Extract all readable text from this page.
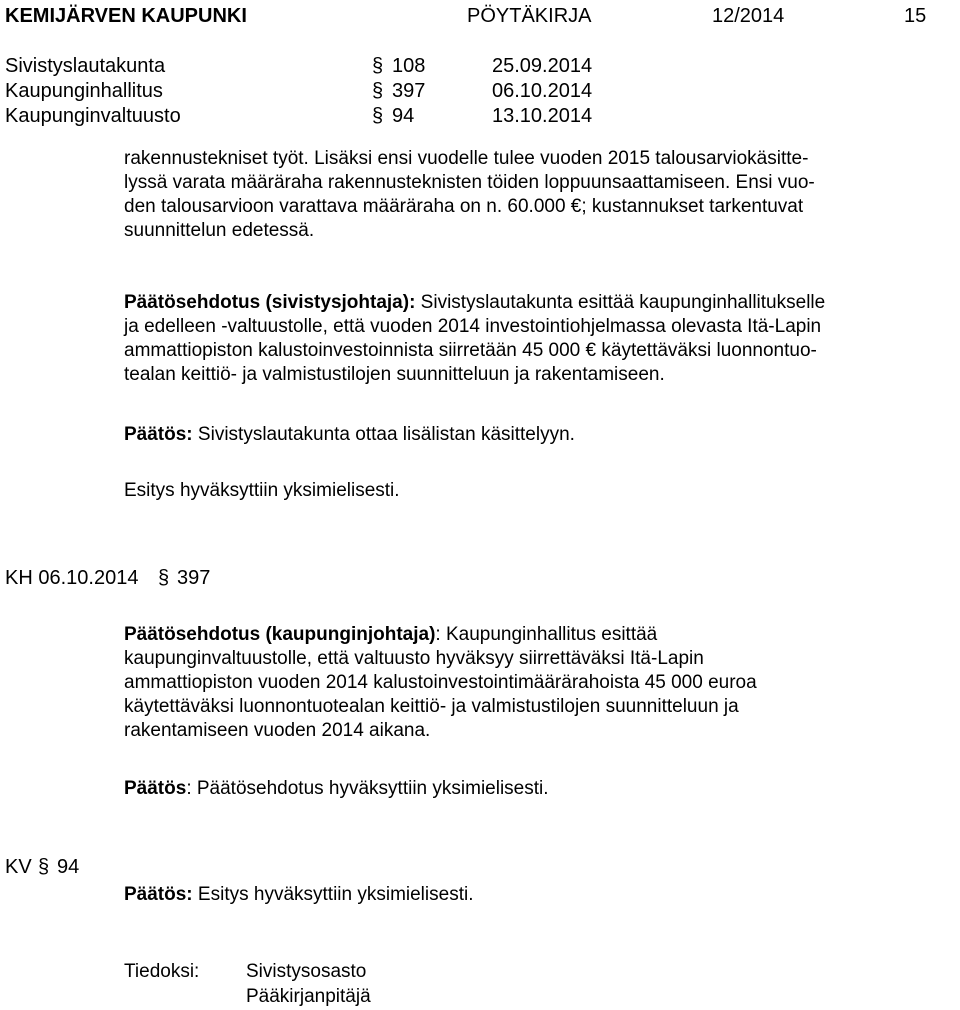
KEMIJÄRVEN KAUPUNKI	PÖYTÄKIRJA	12/2014	15
Sivistyslautakunta	§ 108	25.09.2014
Kaupunginhallitus	§ 397	06.10.2014
Kaupunginvaltuusto	§ 94	13.10.2014

rakennustekniset työt. Lisäksi ensi vuodelle tulee vuoden 2015 talousarviokäsitte-

lyssä varata määräraha rakennusteknisten töiden loppuunsaattamiseen. Ensi vuo-

den talousarvioon varattava määräraha on n. 60.000 €; kustannukset tarkentuvat

suunnittelun edetessä.

Päätösehdotus (sivistysjohtaja): Sivistyslautakunta esittää kaupunginhallitukselle

ja edelleen -valtuustolle, että vuoden 2014 investointiohjelmassa olevasta Itä-Lapin

ammattiopiston kalustoinvestoinnista siirretään 45 000 € käytettäväksi luonnontuo-

tealan keittiö- ja valmistustilojen suunnitteluun ja rakentamiseen.

Päätös: Sivistyslautakunta ottaa lisälistan käsittelyyn.

Esitys hyväksyttiin yksimielisesti.
KH 06.10.2014 § 397

Päätösehdotus (kaupunginjohtaja): Kaupunginhallitus esittää

kaupunginvaltuustolle, että valtuusto hyväksyy siirrettäväksi Itä-Lapin

ammattiopiston vuoden 2014 kalustoinvestointimäärärahoista 45 000 euroa

käytettäväksi luonnontuotealan keittiö- ja valmistustilojen suunnitteluun ja

rakentamiseen vuoden 2014 aikana.

Päätös: Päätösehdotus hyväksyttiin yksimielisesti.

KV § 94

Päätös: Esitys hyväksyttiin yksimielisesti.

Tiedoksi: Sivistysosasto
Pääkirjanpitäjä
